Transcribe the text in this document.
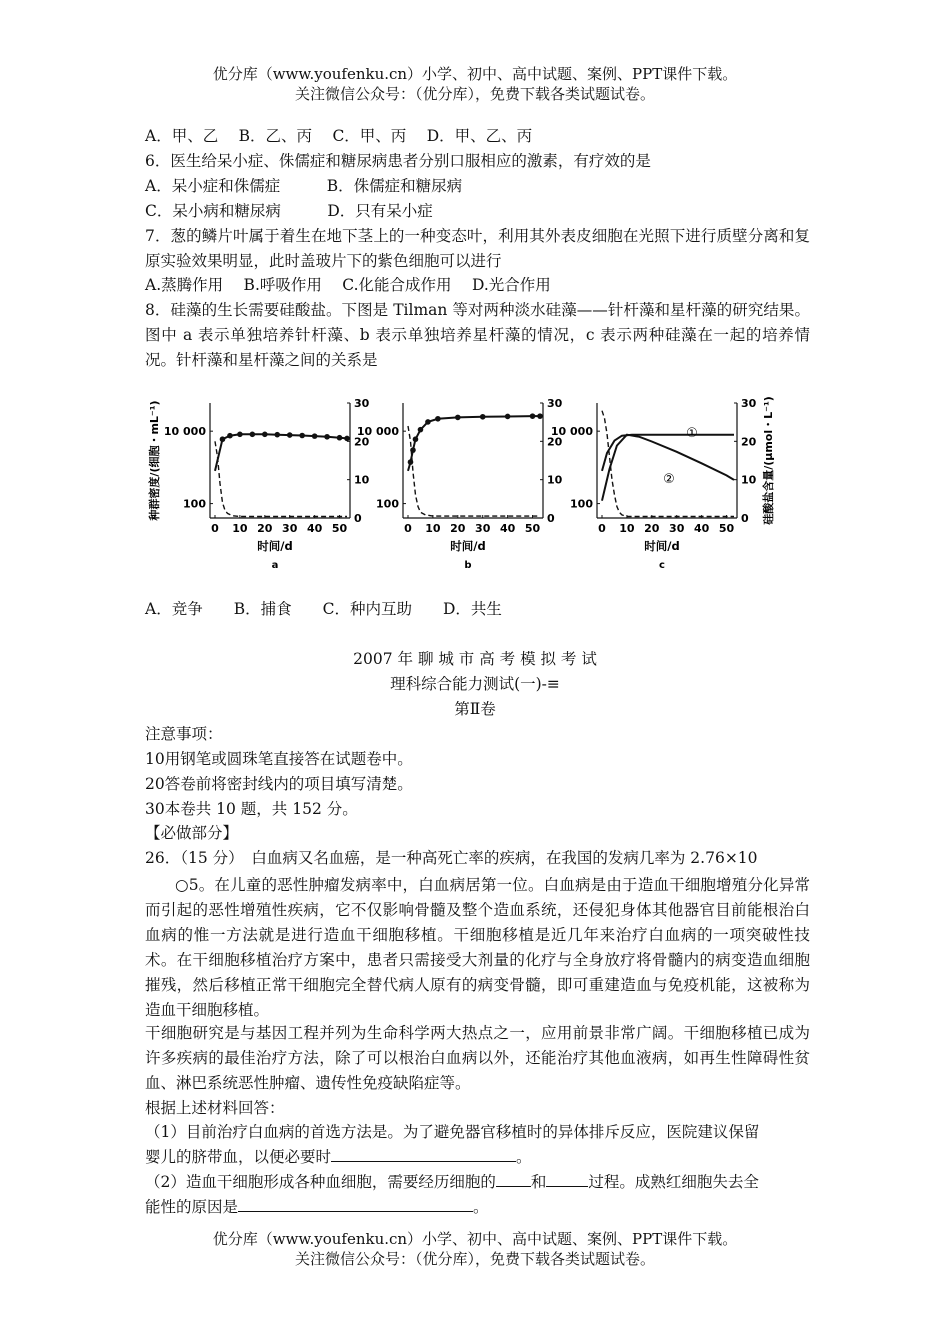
优分库（www.youfenku.cn）小学、初中、高中试题、案例、PPT课件下载。
关注微信公众号：（优分库），免费下载各类试题试卷。
A．甲、乙　 B．乙、丙　 C．甲、丙　 D．甲、乙、丙
6．医生给呆小症、侏儒症和糖尿病患者分别口服相应的激素，有疗效的是
A．呆小症和侏儒症　　　B．侏儒症和糖尿病
C．呆小病和糖尿病　　　D．只有呆小症
7．葱的鳞片叶属于着生在地下茎上的一种变态叶，利用其外表皮细胞在光照下进行质壁分离和复原实验效果明显，此时盖玻片下的紫色细胞可以进行
A.蒸腾作用　 B.呼吸作用　 C.化能合成作用　 D.光合作用
8．硅藻的生长需要硅酸盐。下图是 Tilman 等对两种淡水硅藻——针杆藻和星杆藻的研究结果。图中 a 表示单独培养针杆藻、b 表示单独培养星杆藻的情况，c 表示两种硅藻在一起的培养情况。针杆藻和星杆藻之间的关系是
0 10 20 30 40 50
100
10 000
0
10
20
30
时间/d
a
种群密度/(细胞・mL⁻¹)
0 10 20 30 40 50
100
10 000
0
10
20
30
时间/d
b
0 10 20 30 40 50
100
10 000
0
10
20
30
①
②
时间/d
c
硅酸盐含量/(μmol・L⁻¹)
A．竞争　　B．捕食　　C．种内互助　　D．共生
2007 年 聊 城 市 高 考 模 拟 考 试
理科综合能力测试(一)-≡
第Ⅱ卷
注意事项：
10用钢笔或圆珠笔直接答在试题卷中。
20答卷前将密封线内的项目填写清楚。
30本卷共 10 题，共 152 分。
【必做部分】
26．（15 分）　白血病又名血癌，是一种高死亡率的疾病，在我国的发病几率为 2.76×10
○5。在儿童的恶性肿瘤发病率中，白血病居第一位。白血病是由于造血干细胞增殖分化异常而引起的恶性增殖性疾病，它不仅影响骨髓及整个造血系统，还侵犯身体其他器官目前能根治白血病的惟一方法就是进行造血干细胞移植。干细胞移植是近几年来治疗白血病的一项突破性技术。在干细胞移植治疗方案中，患者只需接受大剂量的化疗与全身放疗将骨髓内的病变造血细胞摧残，然后移植正常干细胞完全替代病人原有的病变骨髓，即可重建造血与免疫机能，这被称为造血干细胞移植。
干细胞研究是与基因工程并列为生命科学两大热点之一，应用前景非常广阔。干细胞移植已成为许多疾病的最佳治疗方法，除了可以根治白血病以外，还能治疗其他血液病，如再生性障碍性贫血、淋巴系统恶性肿瘤、遗传性免疫缺陷症等。
根据上述材料回答：
（1）目前治疗白血病的首选方法是。为了避免器官移植时的异体排斥反应，医院建议保留
婴儿的脐带血，以便必要时	。
（2）造血干细胞形成各种血细胞，需要经历细胞的 和	过程。成熟红细胞失去全
能性的原因是	。
优分库（www.youfenku.cn）小学、初中、高中试题、案例、PPT课件下载。
关注微信公众号：（优分库），免费下载各类试题试卷。
